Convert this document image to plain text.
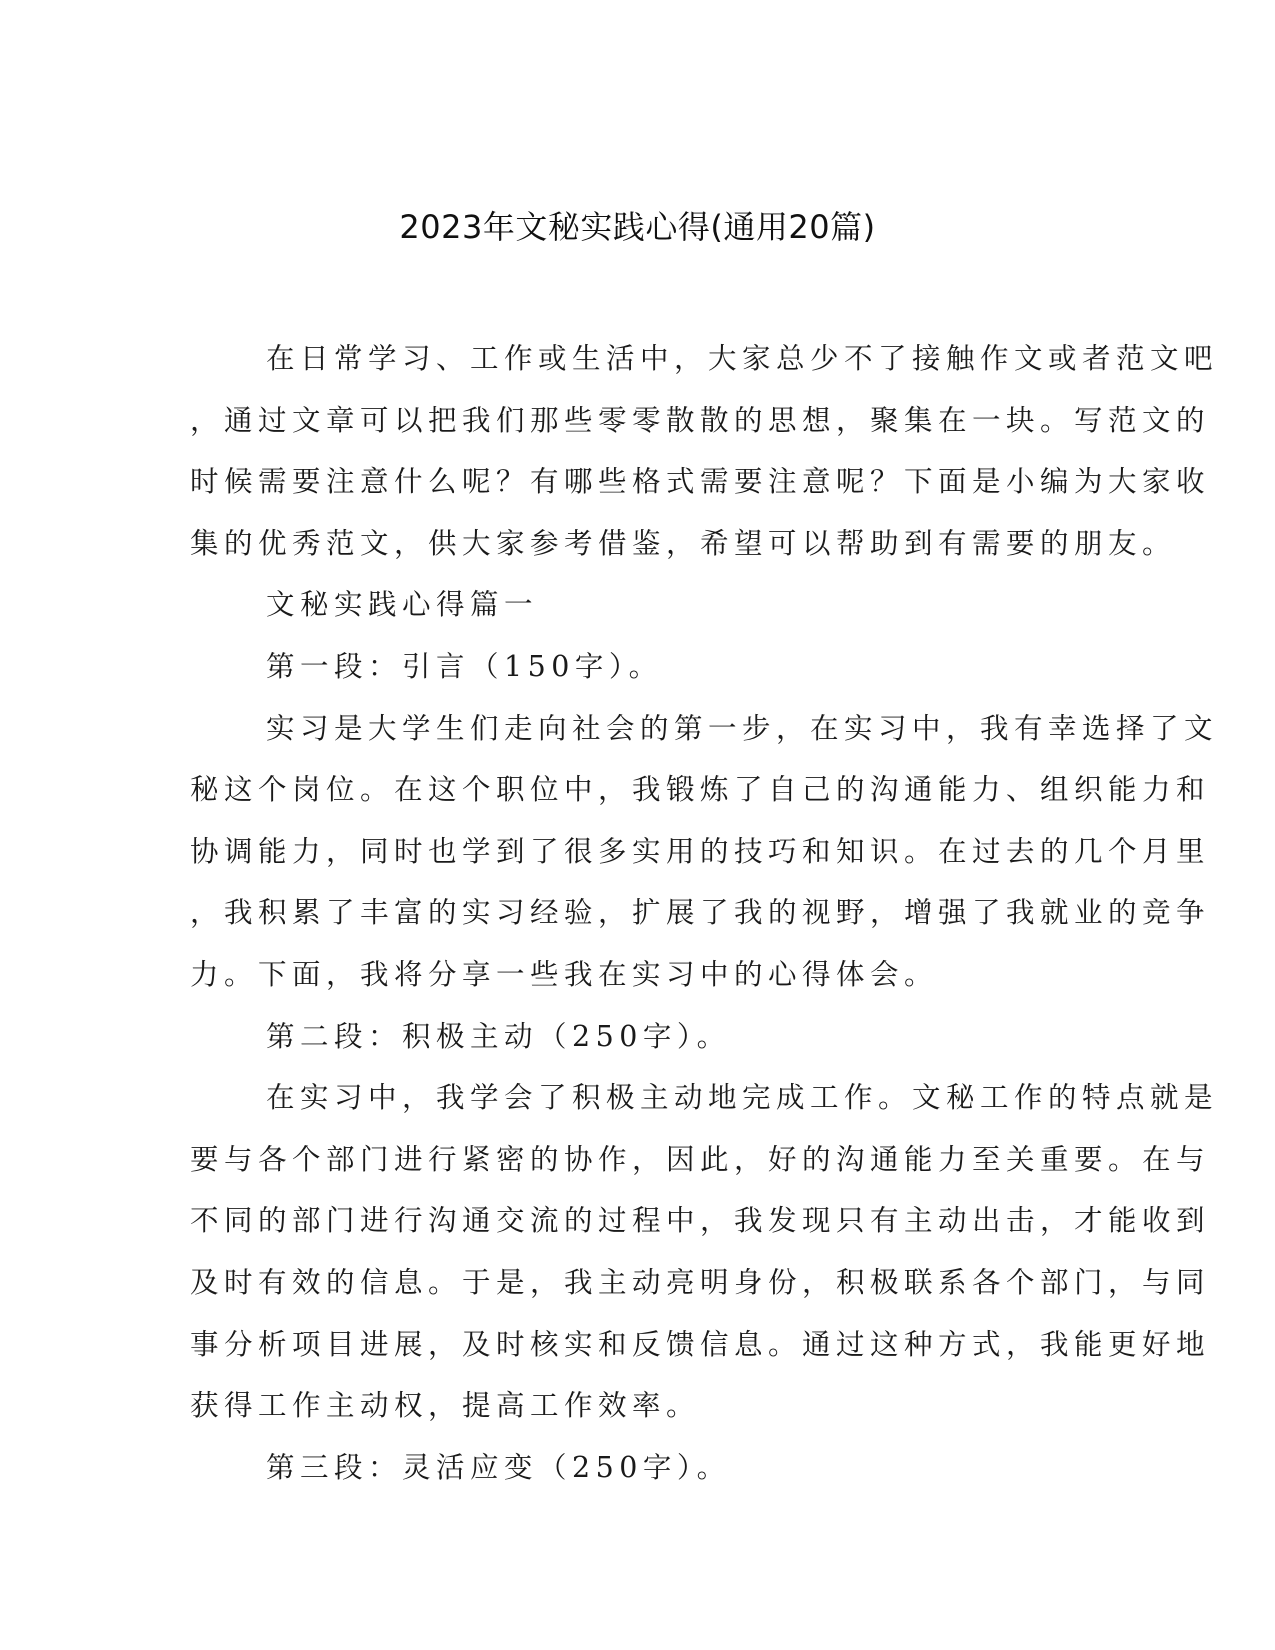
2023年文秘实践心得(通用20篇)
在日常学习、工作或生活中，大家总少不了接触作文或者范文吧
，通过文章可以把我们那些零零散散的思想，聚集在一块。写范文的
时候需要注意什么呢？有哪些格式需要注意呢？下面是小编为大家收
集的优秀范文，供大家参考借鉴，希望可以帮助到有需要的朋友。
文秘实践心得篇一
第一段：引言（150字）。
实习是大学生们走向社会的第一步，在实习中，我有幸选择了文
秘这个岗位。在这个职位中，我锻炼了自己的沟通能力、组织能力和
协调能力，同时也学到了很多实用的技巧和知识。在过去的几个月里
，我积累了丰富的实习经验，扩展了我的视野，增强了我就业的竞争
力。下面，我将分享一些我在实习中的心得体会。
第二段：积极主动（250字）。
在实习中，我学会了积极主动地完成工作。文秘工作的特点就是
要与各个部门进行紧密的协作，因此，好的沟通能力至关重要。在与
不同的部门进行沟通交流的过程中，我发现只有主动出击，才能收到
及时有效的信息。于是，我主动亮明身份，积极联系各个部门，与同
事分析项目进展，及时核实和反馈信息。通过这种方式，我能更好地
获得工作主动权，提高工作效率。
第三段：灵活应变（250字）。
